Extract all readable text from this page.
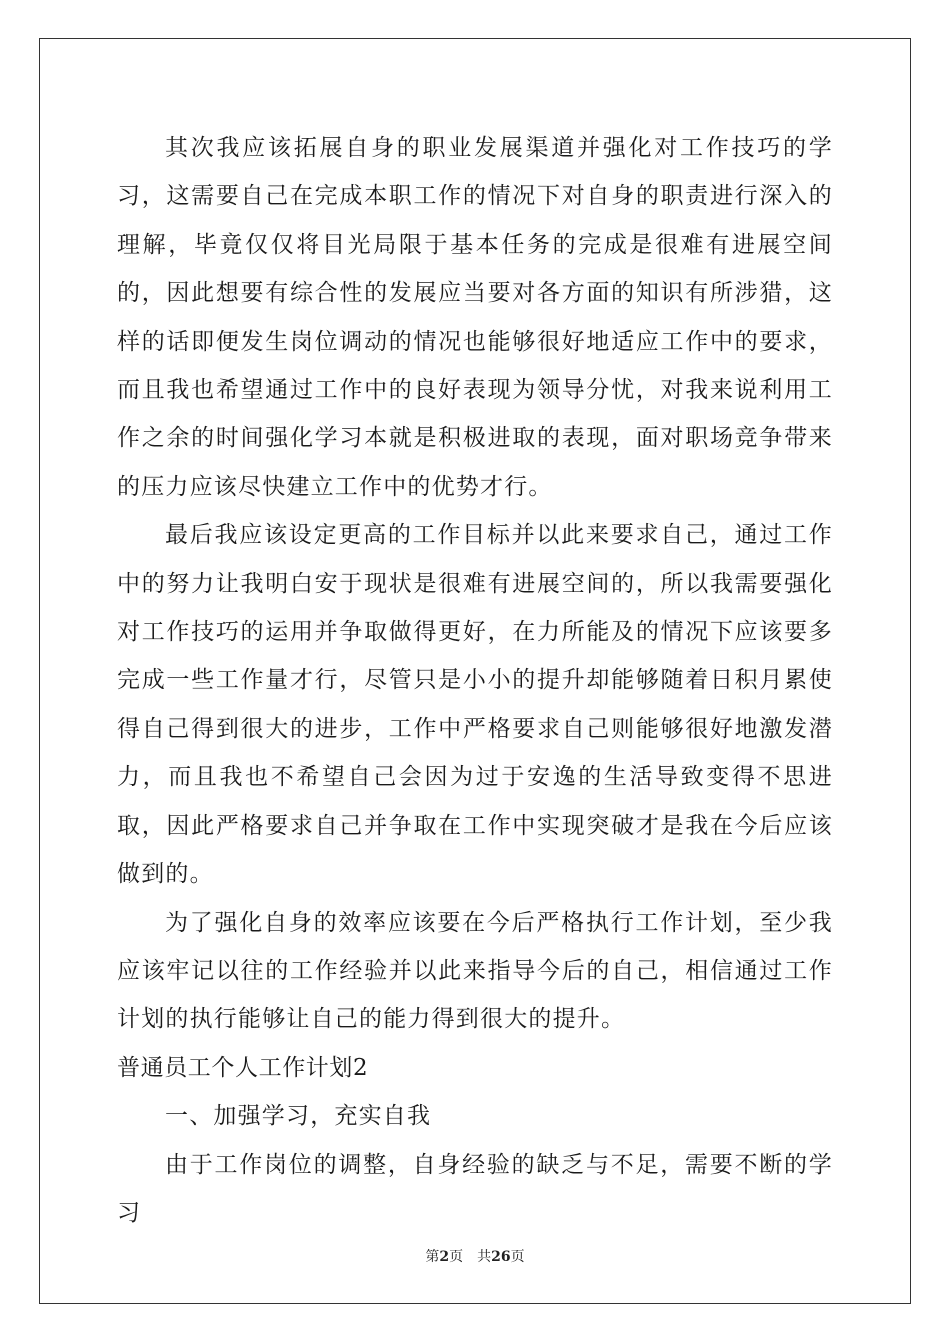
其次我应该拓展自身的职业发展渠道并强化对工作技巧的学习，这需要自己在完成本职工作的情况下对自身的职责进行深入的理解，毕竟仅仅将目光局限于基本任务的完成是很难有进展空间的，因此想要有综合性的发展应当要对各方面的知识有所涉猎，这样的话即便发生岗位调动的情况也能够很好地适应工作中的要求，而且我也希望通过工作中的良好表现为领导分忧，对我来说利用工作之余的时间强化学习本就是积极进取的表现，面对职场竞争带来的压力应该尽快建立工作中的优势才行。

最后我应该设定更高的工作目标并以此来要求自己，通过工作中的努力让我明白安于现状是很难有进展空间的，所以我需要强化对工作技巧的运用并争取做得更好，在力所能及的情况下应该要多完成一些工作量才行，尽管只是小小的提升却能够随着日积月累使得自己得到很大的进步，工作中严格要求自己则能够很好地激发潜力，而且我也不希望自己会因为过于安逸的生活导致变得不思进取，因此严格要求自己并争取在工作中实现突破才是我在今后应该做到的。

为了强化自身的效率应该要在今后严格执行工作计划，至少我应该牢记以往的工作经验并以此来指导今后的自己，相信通过工作计划的执行能够让自己的能力得到很大的提升。

普通员工个人工作计划2

一、加强学习，充实自我

由于工作岗位的调整，自身经验的缺乏与不足，需要不断的学习

第2页 共26页
